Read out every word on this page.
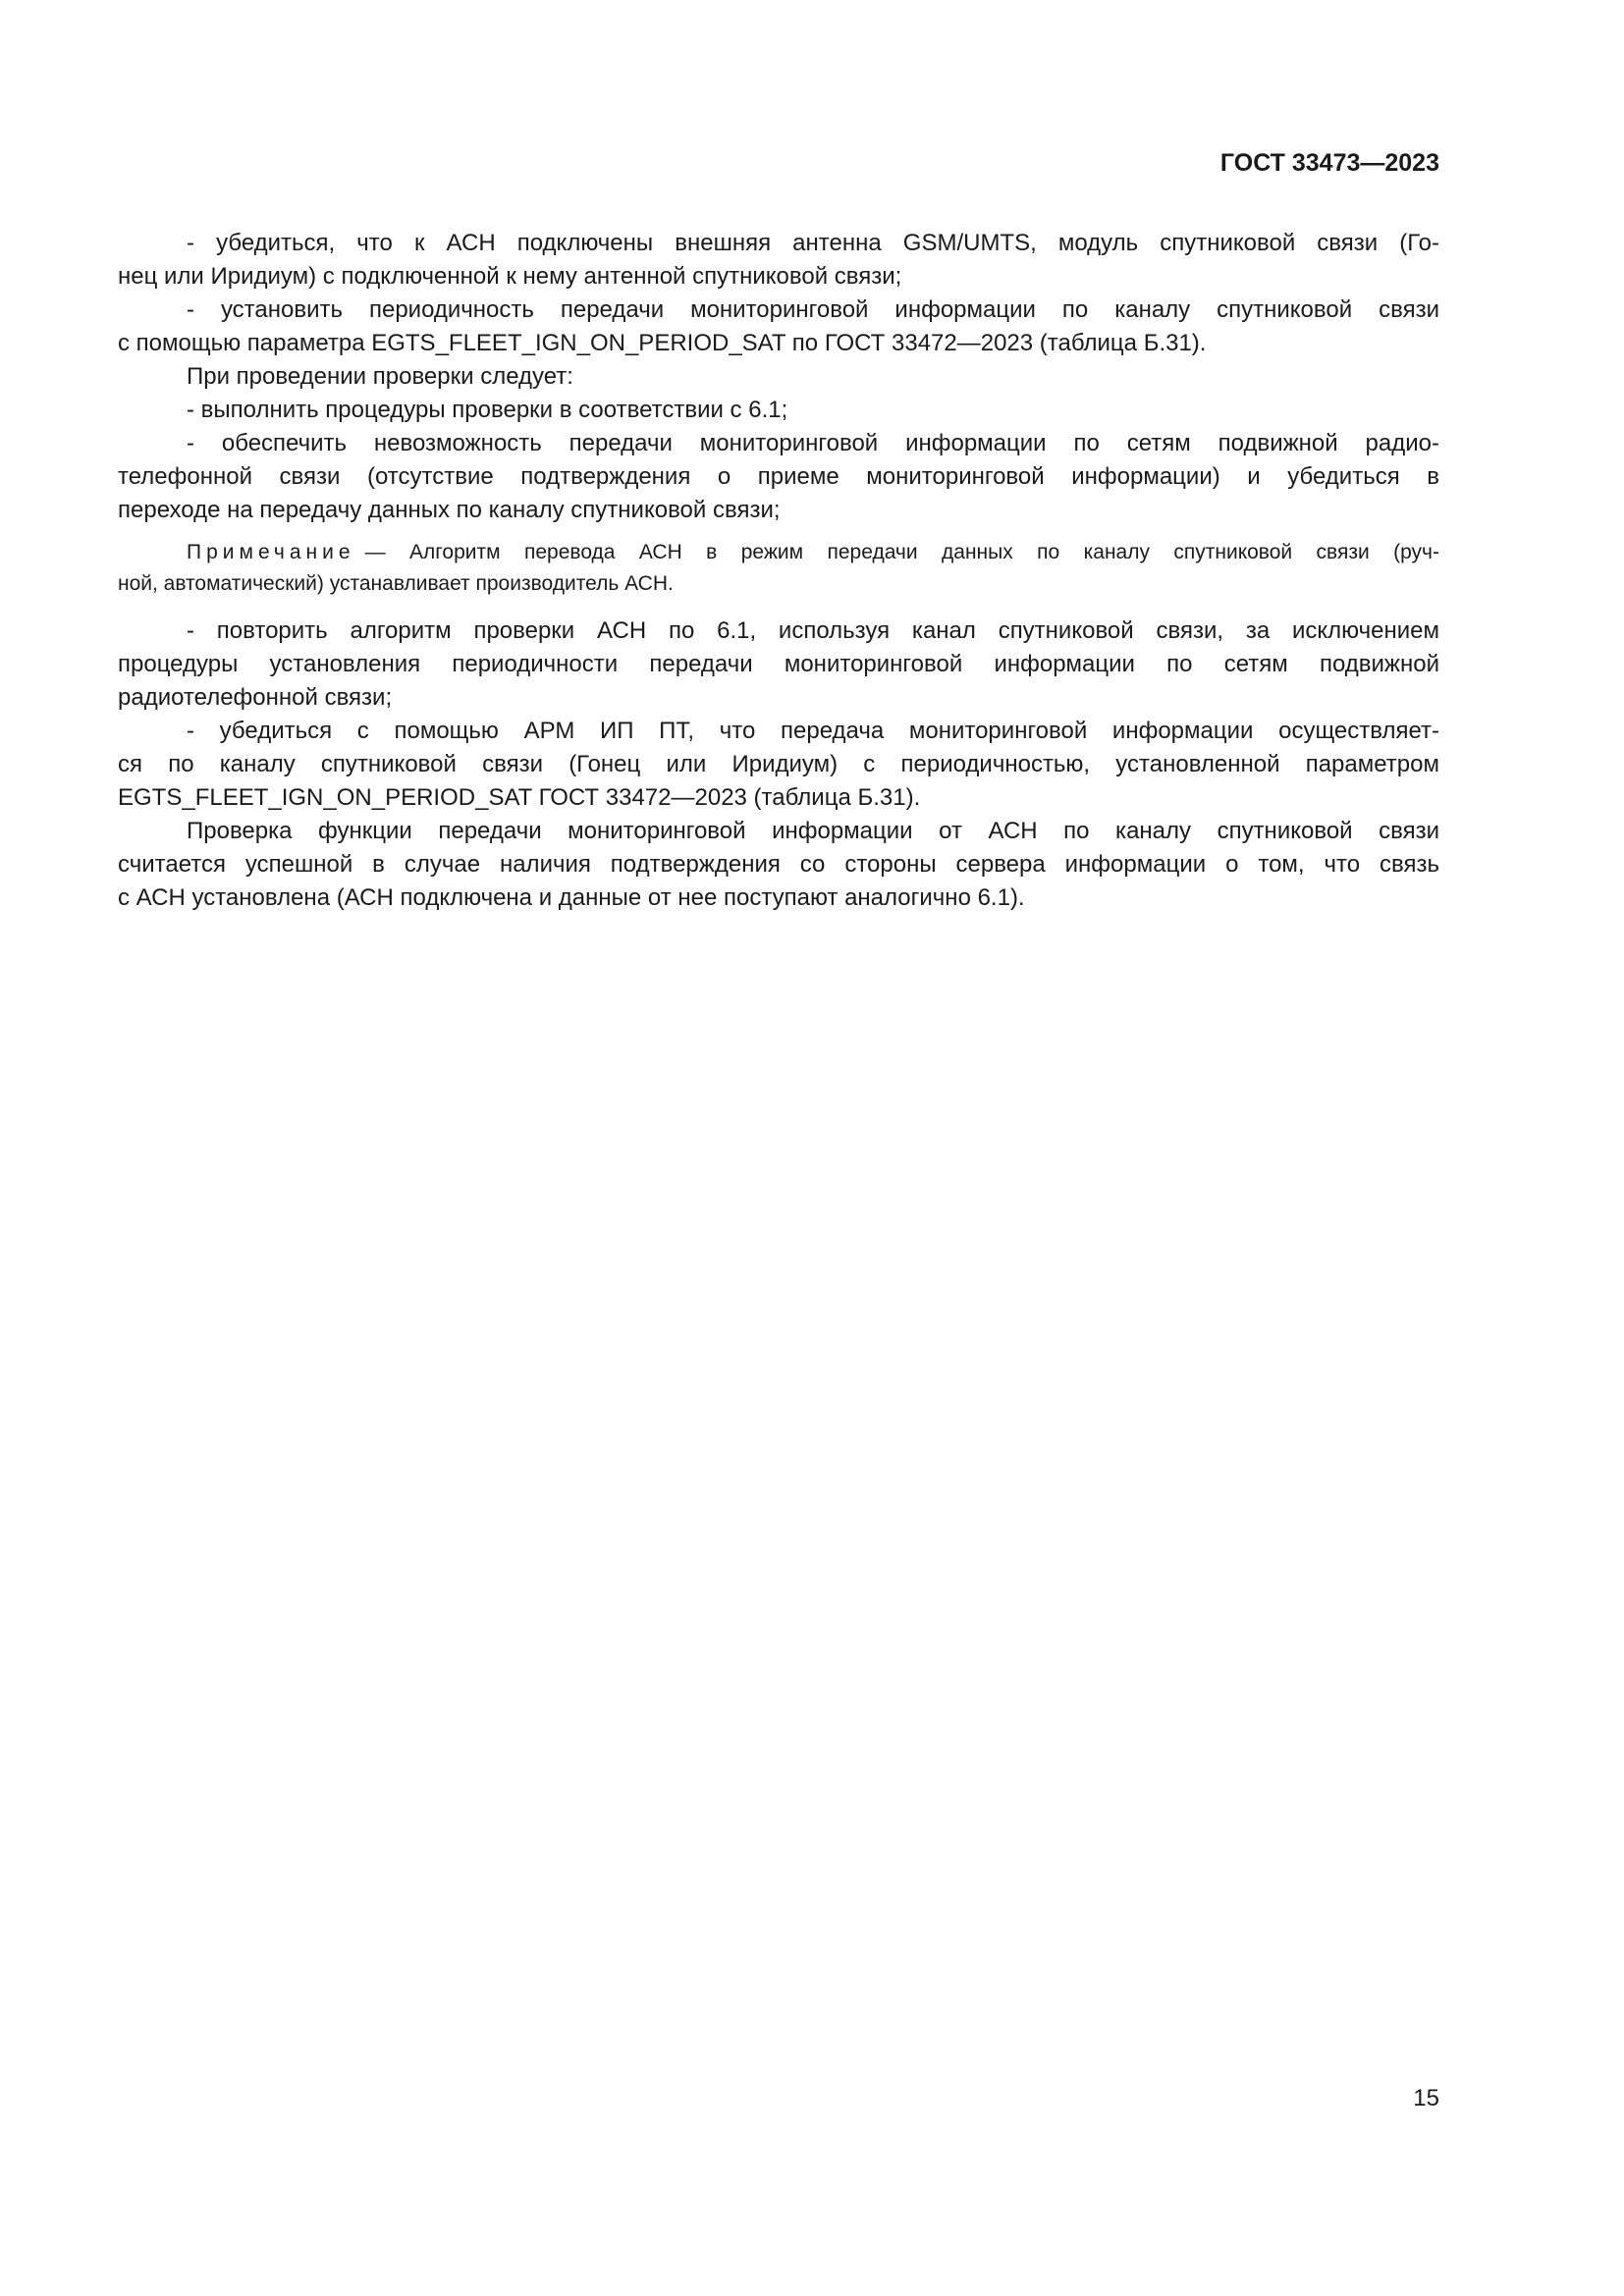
ГОСТ 33473—2023
- убедиться, что к АСН подключены внешняя антенна GSM/UMTS, модуль спутниковой связи (Го-
нец или Иридиум) с подключенной к нему антенной спутниковой связи;
- установить периодичность передачи мониторинговой информации по каналу спутниковой связи
с помощью параметра EGTS_FLEET_IGN_ON_PERIOD_SAT по ГОСТ 33472—2023 (таблица Б.31).
При проведении проверки следует:
- выполнить процедуры проверки в соответствии с 6.1;
- обеспечить невозможность передачи мониторинговой информации по сетям подвижной радио-
телефонной связи (отсутствие подтверждения о приеме мониторинговой информации) и убедиться в
переходе на передачу данных по каналу спутниковой связи;
Примечание — Алгоритм перевода АСН в режим передачи данных по каналу спутниковой связи (руч-
ной, автоматический) устанавливает производитель АСН.
- повторить алгоритм проверки АСН по 6.1, используя канал спутниковой связи, за исключением
процедуры установления периодичности передачи мониторинговой информации по сетям подвижной
радиотелефонной связи;
- убедиться с помощью АРМ ИП ПТ, что передача мониторинговой информации осуществляет-
ся по каналу спутниковой связи (Гонец или Иридиум) с периодичностью, установленной параметром
EGTS_FLEET_IGN_ON_PERIOD_SAT ГОСТ 33472—2023 (таблица Б.31).
Проверка функции передачи мониторинговой информации от АСН по каналу спутниковой связи
считается успешной в случае наличия подтверждения со стороны сервера информации о том, что связь
с АСН установлена (АСН подключена и данные от нее поступают аналогично 6.1).
15
